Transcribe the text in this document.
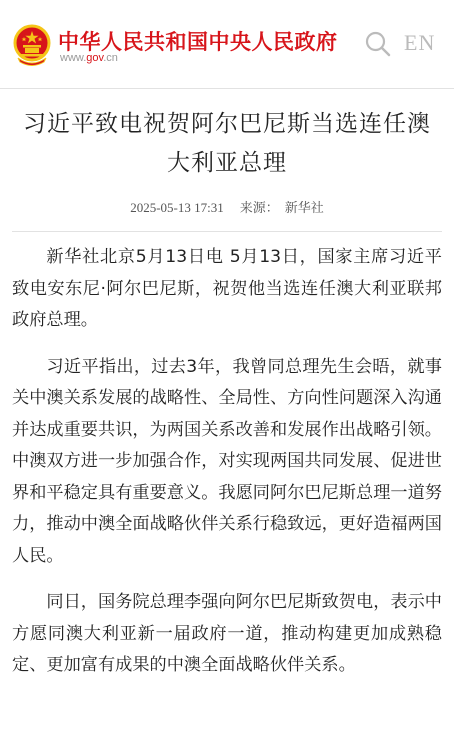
中华人民共和国中央人民政府
www.gov.cn
EN
习近平致电祝贺阿尔巴尼斯当选连任澳
大利亚总理
2025-05-13 17:31 来源： 新华社

新华社北京5月13日电 5月13日，国家主席习近平致电安东尼·阿尔巴尼斯，祝贺他当选连任澳大利亚联邦政府总理。

习近平指出，过去3年，我曾同总理先生会晤，就事关中澳关系发展的战略性、全局性、方向性问题深入沟通并达成重要共识，为两国关系改善和发展作出战略引领。中澳双方进一步加强合作，对实现两国共同发展、促进世界和平稳定具有重要意义。我愿同阿尔巴尼斯总理一道努力，推动中澳全面战略伙伴关系行稳致远，更好造福两国人民。

同日，国务院总理李强向阿尔巴尼斯致贺电，表示中方愿同澳大利亚新一届政府一道，推动构建更加成熟稳定、更加富有成果的中澳全面战略伙伴关系。
